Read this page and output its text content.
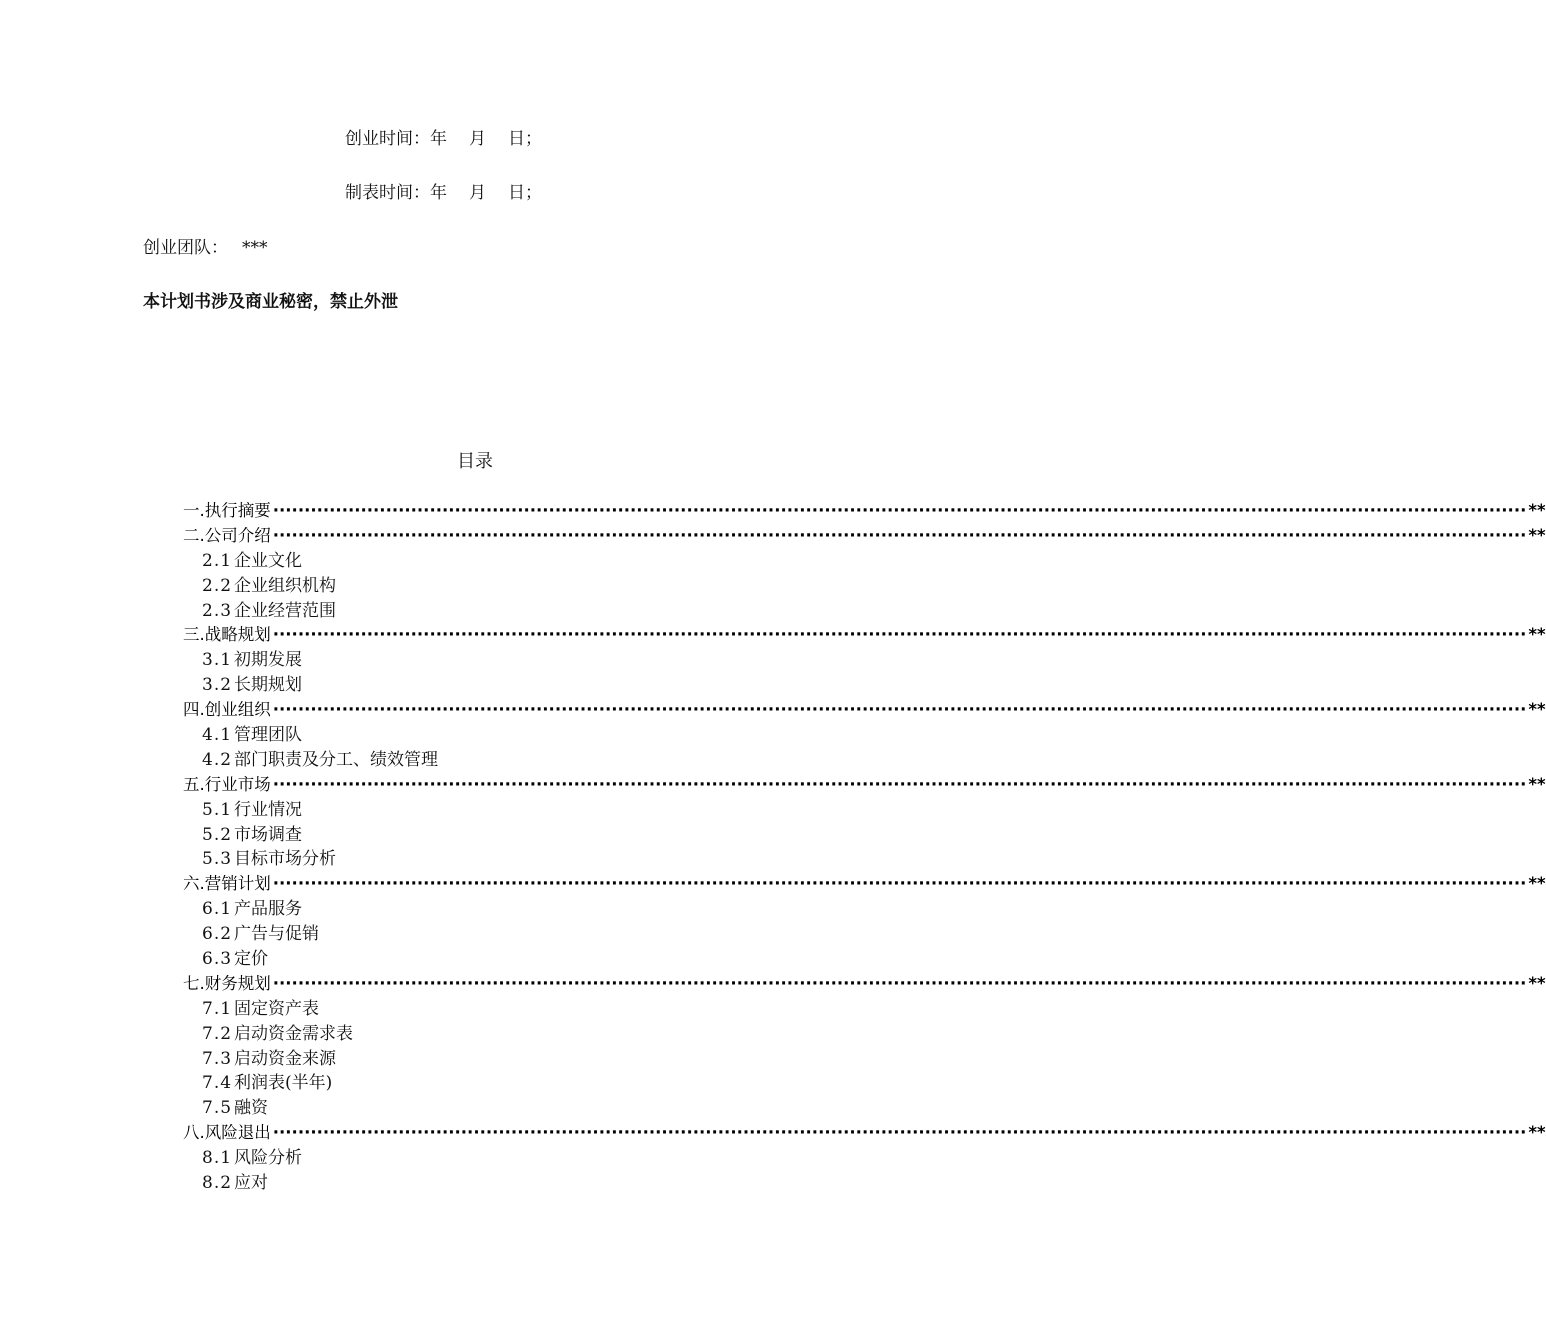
创业时间：年 月 日；
制表时间：年 月 日；
创业团队： ***
本计划书涉及商业秘密，禁止外泄
目录
一. 执行摘要 ········································································································································································································ **
二. 公司介绍 ········································································································································································································ **
2.1 企业文化
2.2 企业组织机构
2.3 企业经营范围
三. 战略规划 ········································································································································································································ **
3.1 初期发展
3.2 长期规划
四. 创业组织 ········································································································································································································ **
4.1 管理团队
4.2 部门职责及分工、绩效管理
五. 行业市场 ········································································································································································································ **
5.1 行业情况
5.2 市场调查
5.3 目标市场分析
六. 营销计划 ········································································································································································································ **
6.1 产品服务
6.2 广告与促销
6.3 定价
七. 财务规划 ········································································································································································································ **
7.1 固定资产表
7.2 启动资金需求表
7.3 启动资金来源
7.4 利润表(半年)
7.5 融资
八. 风险退出 ········································································································································································································ **
8.1 风险分析
8.2 应对
